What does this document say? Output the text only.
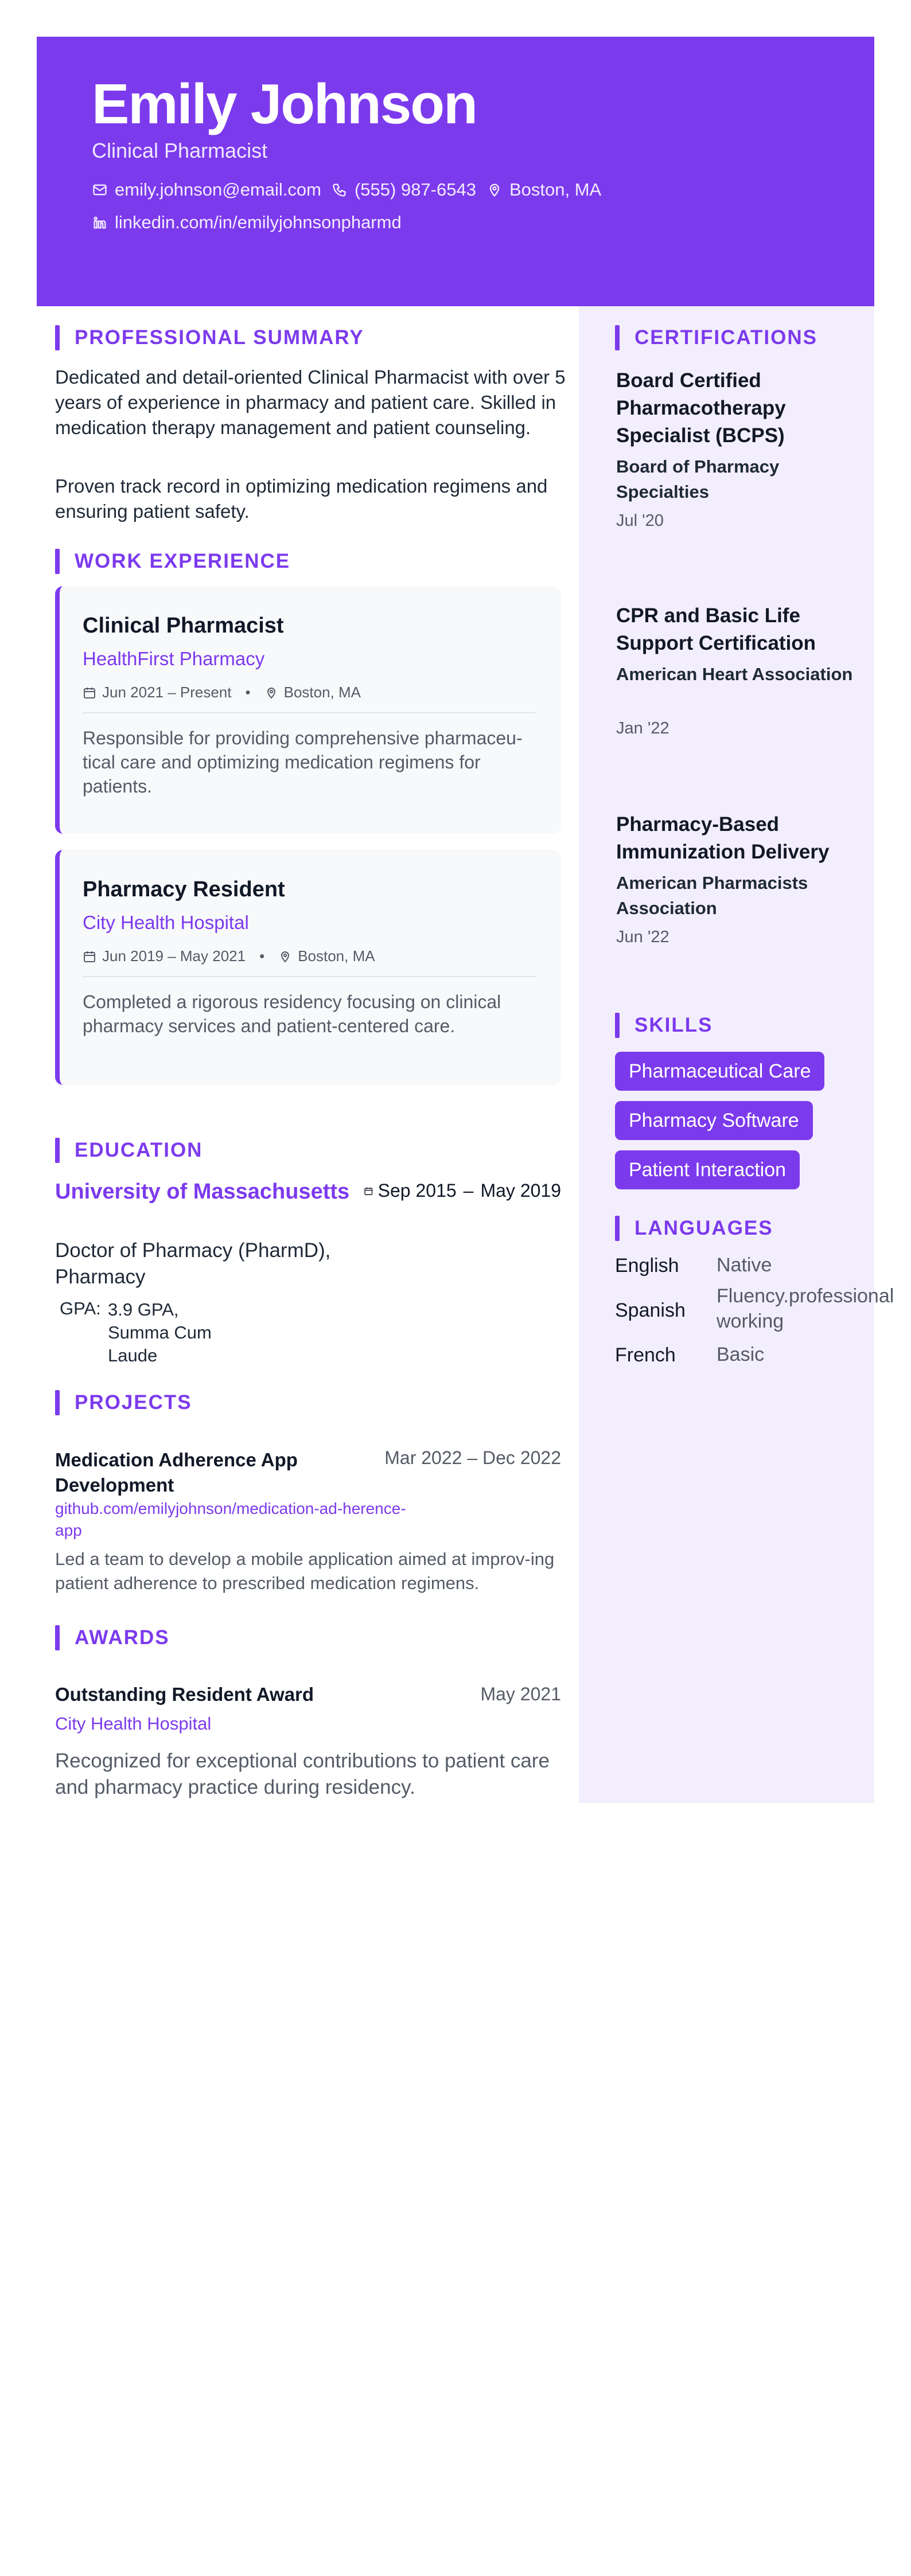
Emily Johnson
Clinical Pharmacist
emily.johnson@email.com (555) 987-6543 Boston, MA
linkedin.com/in/emilyjohnsonpharmd
PROFESSIONAL SUMMARY
Dedicated and detail-oriented Clinical Pharmacist with over 5 years of experience in pharmacy and patient care. Skilled in medication therapy management and patient counseling.
Proven track record in optimizing medication regimens and ensuring patient safety.
WORK EXPERIENCE
Clinical Pharmacist
HealthFirst Pharmacy
Jun 2021 – Present • Boston, MA
Responsible for providing comprehensive pharmaceu-tical care and optimizing medication regimens for patients.
Pharmacy Resident
City Health Hospital
Jun 2019 – May 2021 • Boston, MA
Completed a rigorous residency focusing on clinical pharmacy services and patient-centered care.
EDUCATION
University of Massachusetts Sep 2015 – May 2019
Doctor of Pharmacy (PharmD), Pharmacy
GPA: 3.9 GPA, Summa Cum Laude
PROJECTS
Medication Adherence App Development
Mar 2022 – Dec 2022
github.com/emilyjohnson/medication-ad-herence-app
Led a team to develop a mobile application aimed at improv-ing patient adherence to prescribed medication regimens.
AWARDS
Outstanding Resident Award	May 2021
City Health Hospital
Recognized for exceptional contributions to patient care and pharmacy practice during residency.
CERTIFICATIONS
Board Certified Pharmacotherapy Specialist (BCPS)
Board of Pharmacy Specialties
Jul '20
CPR and Basic Life Support Certification
American Heart Association
Jan '22
Pharmacy-Based Immunization Delivery
American Pharmacists Association
Jun '22
SKILLS
Pharmaceutical Care
Pharmacy Software
Patient Interaction
LANGUAGES
English Native
Spanish
Fluency.professional working
French Basic
